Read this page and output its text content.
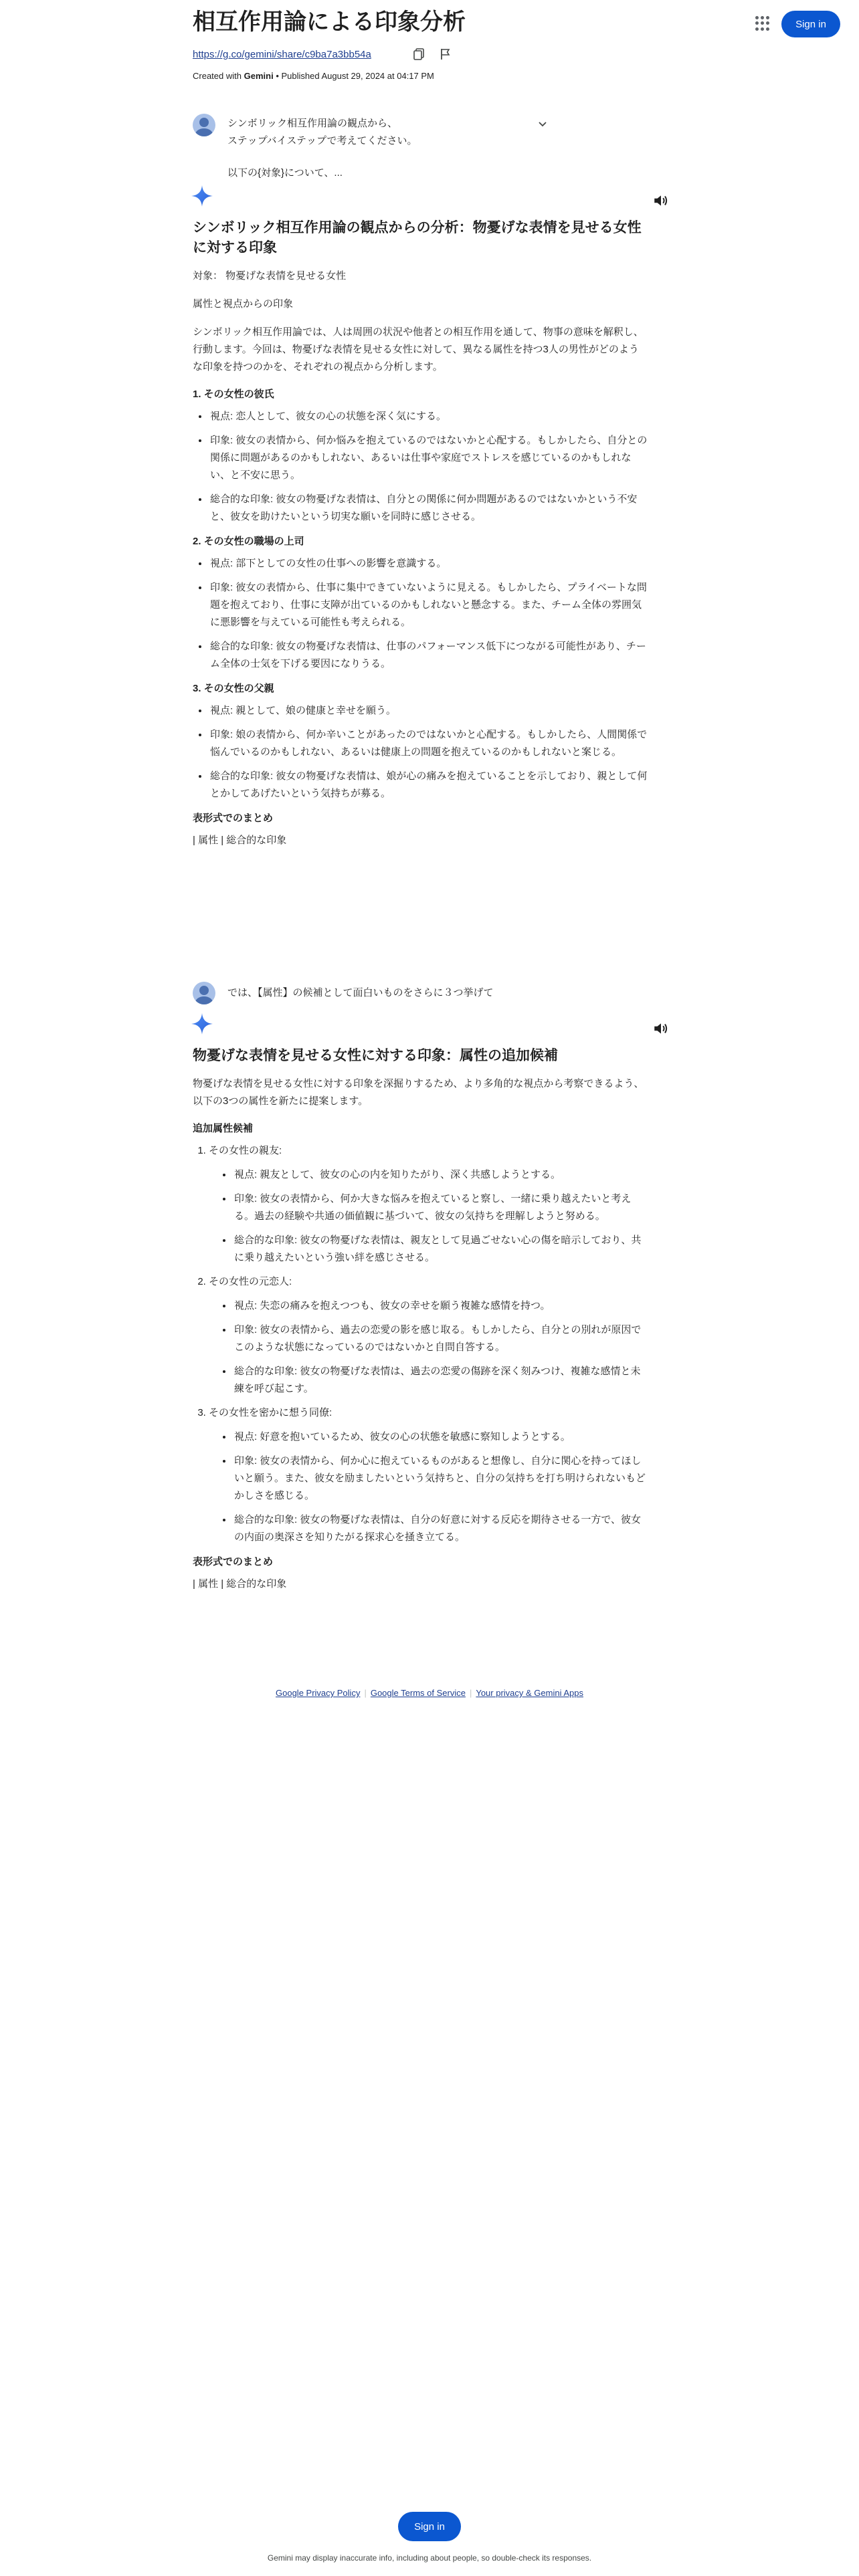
相互作用論による印象分析	Sign in
https://g.co/gemini/share/c9ba7a3bb54a
Created with Gemini • Published August 29, 2024 at 04:17 PM
シンボリック相互作用論の観点から、
ステップバイステップで考えてください。
以下の{対象}について、...
シンボリック相互作用論の観点からの分析：物憂げな表情を見せる女性に対する印象

対象： 物憂げな表情を見せる女性

属性と視点からの印象

シンボリック相互作用論では、人は周囲の状況や他者との相互作用を通して、物事の意味を解釈し、行動します。今回は、物憂げな表情を見せる女性に対して、異なる属性を持つ3人の男性がどのような印象を持つのかを、それぞれの視点から分析します。

1. その女性の彼氏
• 視点: 恋人として、彼女の心の状態を深く気にする。
• 印象: 彼女の表情から、何か悩みを抱えているのではないかと心配する。もしかしたら、自分との関係に問題があるのかもしれない、あるいは仕事や家庭でストレスを感じているのかもしれない、と不安に思う。
• 総合的な印象: 彼女の物憂げな表情は、自分との関係に何か問題があるのではないかという不安と、彼女を助けたいという切実な願いを同時に感じさせる。
2. その女性の職場の上司
• 視点: 部下としての女性の仕事への影響を意識する。
• 印象: 彼女の表情から、仕事に集中できていないように見える。もしかしたら、プライベートな問題を抱えており、仕事に支障が出ているのかもしれないと懸念する。また、チーム全体の雰囲気に悪影響を与えている可能性も考えられる。
• 総合的な印象: 彼女の物憂げな表情は、仕事のパフォーマンス低下につながる可能性があり、チーム全体の士気を下げる要因になりうる。
3. その女性の父親
• 視点: 親として、娘の健康と幸せを願う。
• 印象: 娘の表情から、何か辛いことがあったのではないかと心配する。もしかしたら、人間関係で悩んでいるのかもしれない、あるいは健康上の問題を抱えているのかもしれないと案じる。
• 総合的な印象: 彼女の物憂げな表情は、娘が心の痛みを抱えていることを示しており、親として何とかしてあげたいという気持ちが募る。
表形式でのまとめ

| 属性 | 総合的な印象

では、【属性】の候補として面白いものをさらに３つ挙げて
物憂げな表情を見せる女性に対する印象：属性の追加候補

物憂げな表情を見せる女性に対する印象を深掘りするため、より多角的な視点から考察できるよう、以下の3つの属性を新たに提案します。

追加属性候補
1. その女性の親友:
• 視点: 親友として、彼女の心の内を知りたがり、深く共感しようとする。
• 印象: 彼女の表情から、何か大きな悩みを抱えていると察し、一緒に乗り越えたいと考える。過去の経験や共通の価値観に基づいて、彼女の気持ちを理解しようと努める。
• 総合的な印象: 彼女の物憂げな表情は、親友として見過ごせない心の傷を暗示しており、共に乗り越えたいという強い絆を感じさせる。
2. その女性の元恋人:
• 視点: 失恋の痛みを抱えつつも、彼女の幸せを願う複雑な感情を持つ。
• 印象: 彼女の表情から、過去の恋愛の影を感じ取る。もしかしたら、自分との別れが原因でこのような状態になっているのではないかと自問自答する。
• 総合的な印象: 彼女の物憂げな表情は、過去の恋愛の傷跡を深く刻みつけ、複雑な感情と未練を呼び起こす。
3. その女性を密かに想う同僚:
• 視点: 好意を抱いているため、彼女の心の状態を敏感に察知しようとする。
• 印象: 彼女の表情から、何か心に抱えているものがあると想像し、自分に関心を持ってほしいと願う。また、彼女を励ましたいという気持ちと、自分の気持ちを打ち明けられないもどかしさを感じる。
• 総合的な印象: 彼女の物憂げな表情は、自分の好意に対する反応を期待させる一方で、彼女の内面の奥深さを知りたがる探求心を掻き立てる。
表形式でのまとめ

| 属性 | 総合的な印象

Google Privacy Policy | Google Terms of Service | Your privacy & Gemini Apps
Sign in
Gemini may display inaccurate info, including about people, so double-check its responses.
